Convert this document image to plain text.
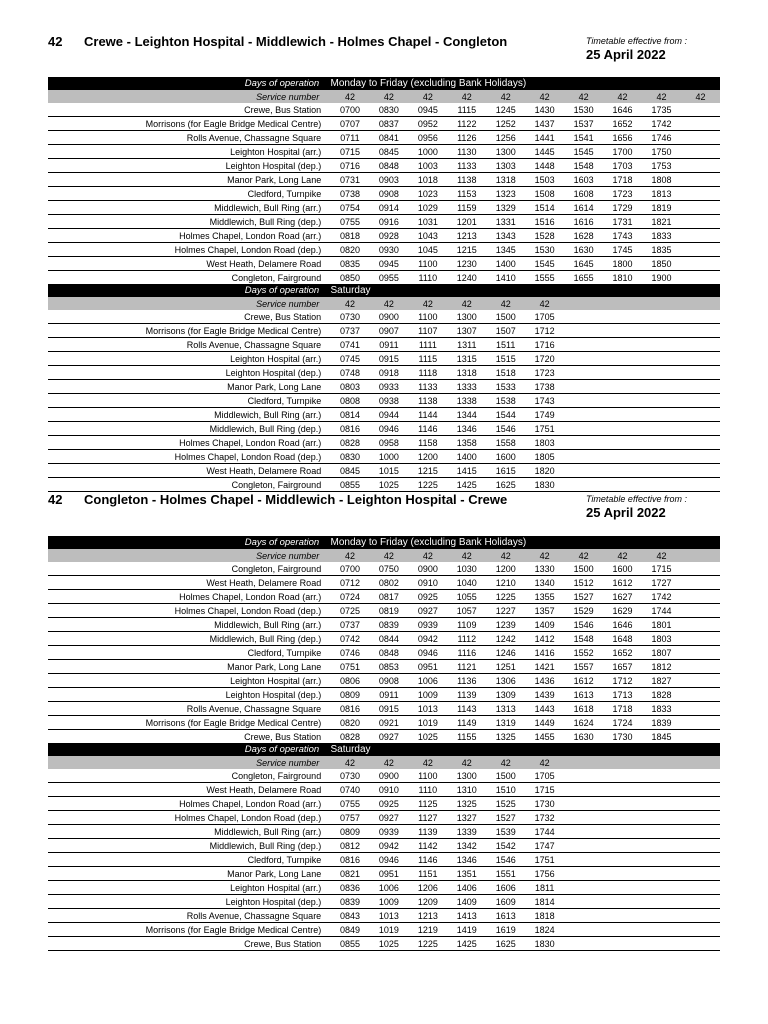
42 Crewe - Leighton Hospital - Middlewich - Holmes Chapel - Congleton	Timetable effective from :
25 April 2022
Days of operation		Monday to Friday (excluding Bank Holidays)									
Service number		42	42	42	42	42	42	42	42	42	42
Crewe, Bus Station		0700	0830	0945	1115	1245	1430	1530	1646	1735	
Morrisons (for Eagle Bridge Medical Centre)		0707	0837	0952	1122	1252	1437	1537	1652	1742	
Rolls Avenue, Chassagne Square		0711	0841	0956	1126	1256	1441	1541	1656	1746	
Leighton Hospital (arr.)		0715	0845	1000	1130	1300	1445	1545	1700	1750	
Leighton Hospital (dep.)		0716	0848	1003	1133	1303	1448	1548	1703	1753	
Manor Park, Long Lane		0731	0903	1018	1138	1318	1503	1603	1718	1808	
Cledford, Turnpike		0738	0908	1023	1153	1323	1508	1608	1723	1813	
Middlewich, Bull Ring (arr.)		0754	0914	1029	1159	1329	1514	1614	1729	1819	
Middlewich, Bull Ring (dep.)		0755	0916	1031	1201	1331	1516	1616	1731	1821	
Holmes Chapel, London Road (arr.)		0818	0928	1043	1213	1343	1528	1628	1743	1833	
Holmes Chapel, London Road (dep.)		0820	0930	1045	1215	1345	1530	1630	1745	1835	
West Heath, Delamere Road		0835	0945	1100	1230	1400	1545	1645	1800	1850	
Congleton, Fairground		0850	0955	1110	1240	1410	1555	1655	1810	1900	
Days of operation		Saturday									
Service number		42	42	42	42	42	42				
Crewe, Bus Station		0730	0900	1100	1300	1500	1705				
Morrisons (for Eagle Bridge Medical Centre)		0737	0907	1107	1307	1507	1712				
Rolls Avenue, Chassagne Square		0741	0911	1111	1311	1511	1716				
Leighton Hospital (arr.)		0745	0915	1115	1315	1515	1720				
Leighton Hospital (dep.)		0748	0918	1118	1318	1518	1723				
Manor Park, Long Lane		0803	0933	1133	1333	1533	1738				
Cledford, Turnpike		0808	0938	1138	1338	1538	1743				
Middlewich, Bull Ring (arr.)		0814	0944	1144	1344	1544	1749				
Middlewich, Bull Ring (dep.)		0816	0946	1146	1346	1546	1751				
Holmes Chapel, London Road (arr.)		0828	0958	1158	1358	1558	1803				
Holmes Chapel, London Road (dep.)		0830	1000	1200	1400	1600	1805				
West Heath, Delamere Road		0845	1015	1215	1415	1615	1820				
Congleton, Fairground		0855	1025	1225	1425	1625	1830				
42 Congleton - Holmes Chapel - Middlewich - Leighton Hospital - Crewe	Timetable effective from :
25 April 2022
Days of operation		Monday to Friday (excluding Bank Holidays)									
Service number		42	42	42	42	42	42	42	42	42	
Congleton, Fairground		0700	0750	0900	1030	1200	1330	1500	1600	1715	
West Heath, Delamere Road		0712	0802	0910	1040	1210	1340	1512	1612	1727	
Holmes Chapel, London Road (arr.)		0724	0817	0925	1055	1225	1355	1527	1627	1742	
Holmes Chapel, London Road (dep.)		0725	0819	0927	1057	1227	1357	1529	1629	1744	
Middlewich, Bull Ring (arr.)		0737	0839	0939	1109	1239	1409	1546	1646	1801	
Middlewich, Bull Ring (dep.)		0742	0844	0942	1112	1242	1412	1548	1648	1803	
Cledford, Turnpike		0746	0848	0946	1116	1246	1416	1552	1652	1807	
Manor Park, Long Lane		0751	0853	0951	1121	1251	1421	1557	1657	1812	
Leighton Hospital (arr.)		0806	0908	1006	1136	1306	1436	1612	1712	1827	
Leighton Hospital (dep.)		0809	0911	1009	1139	1309	1439	1613	1713	1828	
Rolls Avenue, Chassagne Square		0816	0915	1013	1143	1313	1443	1618	1718	1833	
Morrisons (for Eagle Bridge Medical Centre)		0820	0921	1019	1149	1319	1449	1624	1724	1839	
Crewe, Bus Station		0828	0927	1025	1155	1325	1455	1630	1730	1845	
Days of operation		Saturday									
Service number		42	42	42	42	42	42				
Congleton, Fairground		0730	0900	1100	1300	1500	1705				
West Heath, Delamere Road		0740	0910	1110	1310	1510	1715				
Holmes Chapel, London Road (arr.)		0755	0925	1125	1325	1525	1730				
Holmes Chapel, London Road (dep.)		0757	0927	1127	1327	1527	1732				
Middlewich, Bull Ring (arr.)		0809	0939	1139	1339	1539	1744				
Middlewich, Bull Ring (dep.)		0812	0942	1142	1342	1542	1747				
Cledford, Turnpike		0816	0946	1146	1346	1546	1751				
Manor Park, Long Lane		0821	0951	1151	1351	1551	1756				
Leighton Hospital (arr.)		0836	1006	1206	1406	1606	1811				
Leighton Hospital (dep.)		0839	1009	1209	1409	1609	1814				
Rolls Avenue, Chassagne Square		0843	1013	1213	1413	1613	1818				
Morrisons (for Eagle Bridge Medical Centre)		0849	1019	1219	1419	1619	1824				
Crewe, Bus Station		0855	1025	1225	1425	1625	1830				
